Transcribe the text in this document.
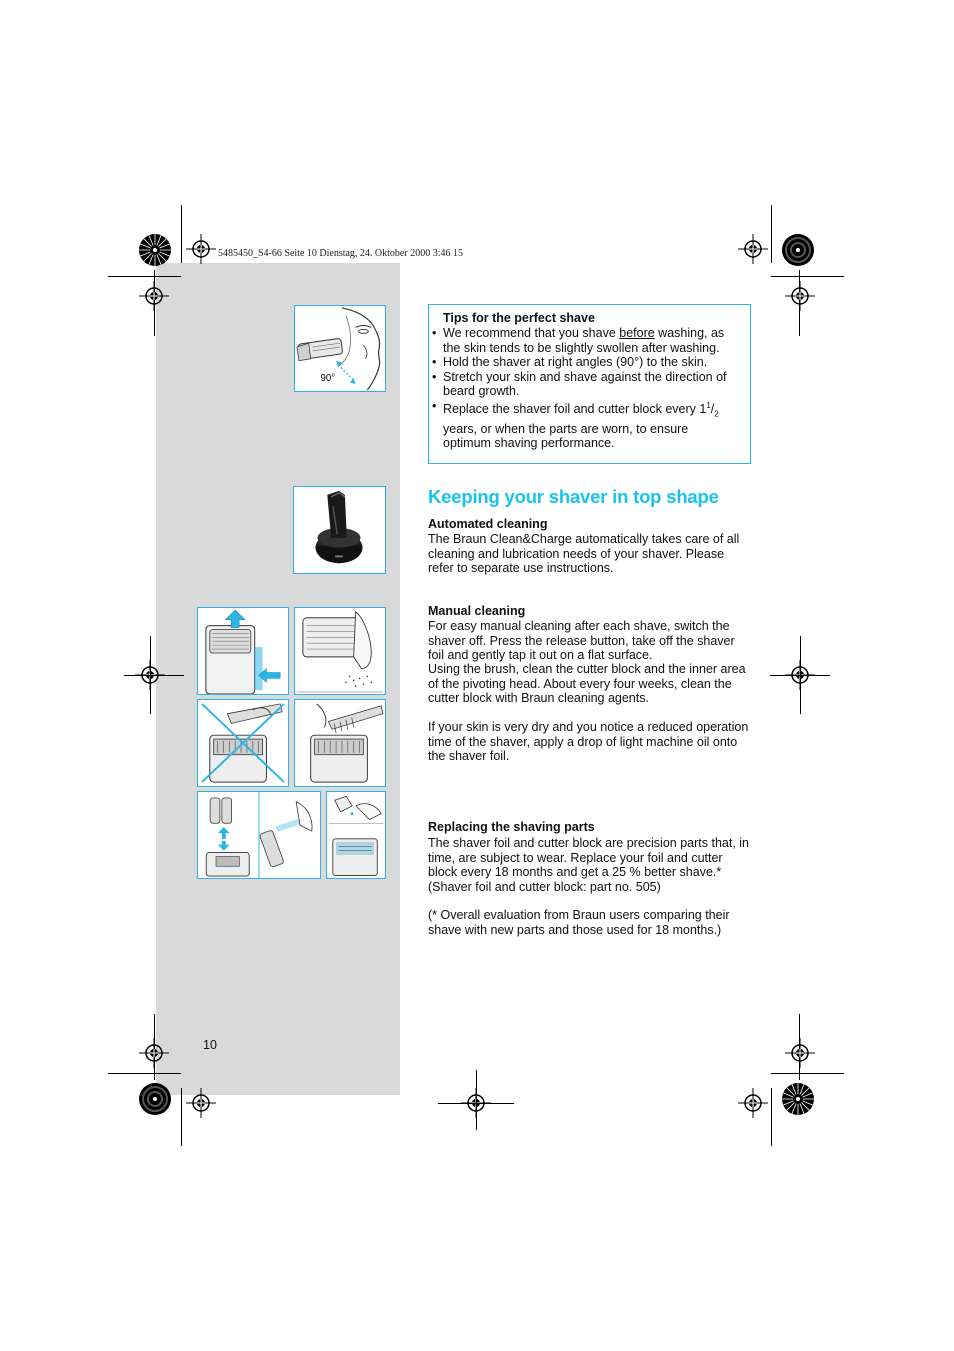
5485450_S4-66 Seite 10 Dienstag, 24. Oktober 2000 3:46 15
90°
Tips for the perfect shave
• We recommend that you shave before washing, as the skin tends to be slightly swollen after washing.
• Hold the shaver at right angles (90°) to the skin.
• Stretch your skin and shave against the direction of beard growth.
• Replace the shaver foil and cutter block every $1^1/_2$ years, or when the parts are worn, to ensure optimum shaving performance.
Keeping your shaver in top shape
Automated cleaning

The Braun Clean&Charge automatically takes care of all cleaning and lubrication needs of your shaver. Please refer to separate use instructions.

Manual cleaning

For easy manual cleaning after each shave, switch the shaver off. Press the release button, take off the shaver foil and gently tap it out on a flat surface.

Using the brush, clean the cutter block and the inner area of the pivoting head. About every four weeks, clean the cutter block with Braun cleaning agents.

If your skin is very dry and you notice a reduced operation time of the shaver, apply a drop of light machine oil onto the shaver foil.

Replacing the shaving parts

The shaver foil and cutter block are precision parts that, in time, are subject to wear. Replace your foil and cutter block every 18 months and get a 25 % better shave.* (Shaver foil and cutter block: part no. 505)

(* Overall evaluation from Braun users comparing their shave with new parts and those used for 18 months.)

10
